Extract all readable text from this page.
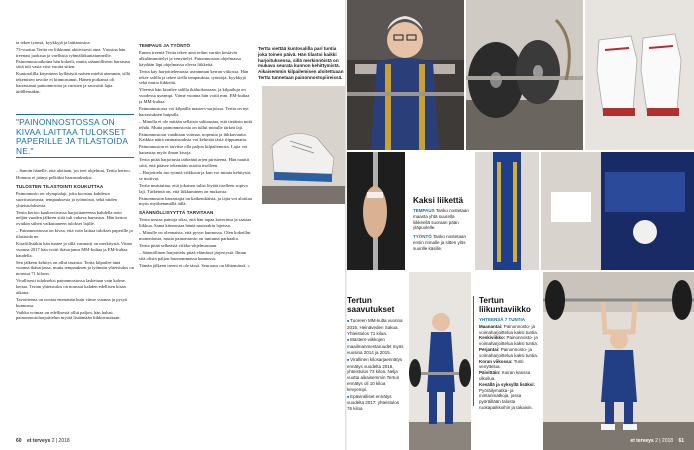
ta tekee työnsä, kyykkyjä ja lattianostoa.

73-vuotias Tertta on liikkunut aktiivisesti aina. Vuosina hän treenasi juoksua ja vaellusta ryhmäliikuntatunneille. Painonnostoaikoina hän kokeili, mutta säännölliseen harrastus siitä tuli vasta viisi vuotta sitten.

Kuntosalilla käyminen kyllästytti naisen mieltä aiemmin, sillä tekemisen tavoite ei kiinnostanut. Hänen poikansa oli harrastanut painonnostoa ja vuosien ja sauvoitti lajia äidillensäkin.

"PAINONNOSTOSSA ON KIVAA LAITTAA TULOKSET PAPERILLE JA TILASTOIDA NE."

– Sanoin hänelle, että alottaan, jos teet ohjelmat, Tertta kertoo.

Homma ei jäänyt pelkäksi harrastukseksi.

TULOSTEN TILASTOINTI KOUKUTTAA

Painonnosto on olympialaji, joka koostuu kahdesta suoritustavasta, tempauksesta ja työnnöstä, sekä niiden yhteistuloksesta.

Tertta kertoo kaukoviivassa harjoittaneensa kahdella noin neljän vuoden jälkeen siitä tuli vakava harrastus. Hän kertoo ovatkin siihen vaikuttaneen tulokset lajille.

– Painonnostossa on kivaa, että voin laittaa tulokset paperille ja tilastoida ne.

Kisafiilistäkin hän tuntee ja sillä varmasti on merkitystä. Viime vuonna 2017 hän voitti ikäsarjansa MM-kultaa ja EM-kultaa kaudella.

Sen jälkeen kehitys on ollut tasaista. Tertta kilpailee tänä vuonna ikäsarjassa, mutta tempauksen ja työnnön yhteistulos on noussut 71 kiloon.

Virallisesti tulokseksi painonnostossa lasketaan vain kolme kertaa. Tertan yhteistulos on noussut kahden edellisen kisan aikana.

Tavoitteena on nostaa enemmän kuin viime vuonna ja pysyä kunnossa.

Vaikka voimaa on edellisestä ollut paljon, hän halusi painonnostoharjoittelun myötä lisäämään liikkuvuuttaan.

TEMPAUS JA TYÖNTÖ

Ennen treeniä Tertta tekee aina reilun varttin kestävät alkulämmittelyt ja venyttelyt. Painonnoston ohjelmassa käydään läpi ohjelmassa olevia liikkeitä.

Tertta käy harjoittelemassa useamman kerran viikossa. Hän tekee salilla ja tekee siellä tempauksia, työntöjä, kyykkyjä sekä muita liikkeitä.

Yleensä hän kisailee salilla ikäluokassaan, ja kilpailuja on vuodessa useampi. Viime vuonna hän voitti mm. EM-kultaa ja MM-kultaa.

Painonnostossa voi kilpailla masters-sarjoissa. Tertta on nyt harrastuksen huipulla.

– Minulla ei ole mitään sellaista salitaustaa, että tietäisin mitä tehdä. Mutta painonnostosta on tullut minulle tärkeä laji.

Painonnostoon vaaditaan voimaa, nopeutta ja liikkuvuutta. Kaikkia näitä ominaisuuksia voi kehittää iästä riippumatta.

Painonnoston ei tarvitse olla paljon kilpailemista. Lajia voi harrastaa myös ilman kisoja.

Tertta pitää harjoitusta tärkeänä arjen piristeenä. Hän nauttii siitä, että pääsee tekemään asioita itselleen.

– Harjoittelu tuo rytmiä viikkoon ja kun voi mitata kehitystä, se motivoi.

Tertta muistuttaa, että jokaisen tulisi löytää itselleen sopiva laji. Tärkeintä on, että liikkuminen on mukavaa.

Painonnoston harrastajia on kaikenikäisiä, ja lajia voi aloittaa myös myöhemmällä iällä.

SÄÄNNÖLLISYYTTÄ TARVITAAN

Tertta nostaa painoja siksi, että hän tapaa kaverinsa ja saattaa liikkua. Sama kiinnostaa häntä muissakin lajeissa.

– Minulle on olennaista, että pysyn kunnossa. Olen kokeillut monenlaista, mutta painonnosto on tuntunut parhaalta.

Tertta pitää selkeästä viikko-ohjelmastaan.

– Sääntöllinen harjoittelu pitää elämässä järjestystä. Ilman sitä olisin paljon huonommassa kunnossa.

Tämän jälkeen treeni ei ole tässä. Seuraava on lähtemässä. »

Tertta viettää kuntosalilla pari tuntia joka toinen päivä. Hän tilastoi kaikki harjoituksensa, sillä merkinnöistä on mukava seurata kunnon kehittymistä. Aikaisemmin kilpailemisen aloitettuaan Tertta tunnetaan painonnostopiireissä.
60 et terveys 2 | 2018
Kaksi liikettä
TEMPAUS Tanko nostetaan maasta yhtä suurella liikkeellä suoraan pään yläpuolelle.
TYÖNTÖ Tanko nostetaan ensin rinnalle ja sitten ylös suorille käsille.
Tertun saavutukset
■ Tuoreen MM-kulta vuonna 2016, Heinäveden Sakua. Yhteistulos 71 kiloa.
■ Masters-viikkojen maailmanmestaruudet myös vuosina 2014 ja 2015.
■ Virallinen kilosarjaennätys ennätys vuodelta 2016, yhteistulos 73 kiloa. Nelja vuotta aikaisemmin Tertun ennätys oli 10 kiloa kevyempi.
■ Epäviralliset ennätys vuodelta 2017: yhteistulos 76 kiloa
Tertun liikuntaviikko
YHTEENSÄ 7 TUNTIA
Maanantai: Painonnosto- ja voimaharjoittelua kaksi tuntia.
Keskiviikko: Painonnosto- ja voimaharjoittelua kaksi tuntia.
Perjantai: Painonnosto- ja voimaharjoittelua kaksi tuntia.
Koran viikossa: Tunti venyttelua.
Päivittäin: Koiran kanssa ulkoilua.
Kesällä ja syksyllä lisäksi: Pyöräilymatka- ja mintanmatkoja, jossa pyöräillään talosta ruokapaikkoihin ja takaisin.
et terveys 2 | 2018 61
